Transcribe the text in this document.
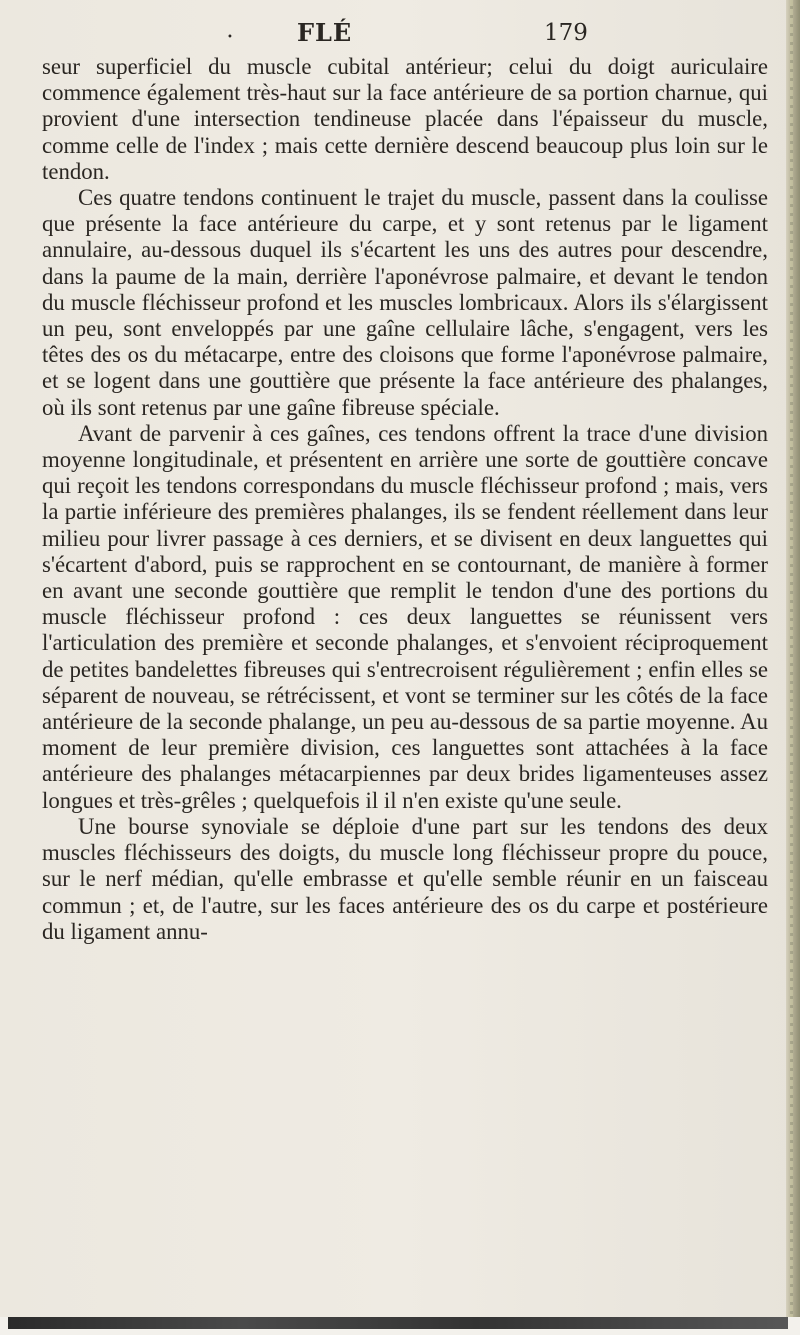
•	FLÉ	179

seur superficiel du muscle cubital antérieur; celui du doigt auriculaire commence également très-haut sur la face antérieure de sa portion charnue, qui provient d'une intersection tendineuse placée dans l'épaisseur du muscle, comme celle de l'index ; mais cette dernière descend beaucoup plus loin sur le tendon.

Ces quatre tendons continuent le trajet du muscle, passent dans la coulisse que présente la face antérieure du carpe, et y sont retenus par le ligament annulaire, au-dessous duquel ils s'écartent les uns des autres pour descendre, dans la paume de la main, derrière l'aponévrose palmaire, et devant le tendon du muscle fléchisseur profond et les muscles lombricaux. Alors ils s'élargissent un peu, sont enveloppés par une gaîne cellulaire lâche, s'engagent, vers les têtes des os du métacarpe, entre des cloisons que forme l'aponévrose palmaire, et se logent dans une gouttière que présente la face antérieure des phalanges, où ils sont retenus par une gaîne fibreuse spéciale.

Avant de parvenir à ces gaînes, ces tendons offrent la trace d'une division moyenne longitudinale, et présentent en arrière une sorte de gouttière concave qui reçoit les tendons correspondans du muscle fléchisseur profond ; mais, vers la partie inférieure des premières phalanges, ils se fendent réellement dans leur milieu pour livrer passage à ces derniers, et se divisent en deux languettes qui s'écartent d'abord, puis se rapprochent en se contournant, de manière à former en avant une seconde gouttière que remplit le tendon d'une des portions du muscle fléchisseur profond : ces deux languettes se réunissent vers l'articulation des première et seconde phalanges, et s'envoient réciproquement de petites bandelettes fibreuses qui s'entrecroisent régulièrement ; enfin elles se séparent de nouveau, se rétrécissent, et vont se terminer sur les côtés de la face antérieure de la seconde phalange, un peu au-dessous de sa partie moyenne. Au moment de leur première division, ces languettes sont attachées à la face antérieure des phalanges métacarpiennes par deux brides ligamenteuses assez longues et très-grêles ; quelquefois il il n'en existe qu'une seule.

Une bourse synoviale se déploie d'une part sur les tendons des deux muscles fléchisseurs des doigts, du muscle long fléchisseur propre du pouce, sur le nerf médian, qu'elle embrasse et qu'elle semble réunir en un faisceau commun ; et, de l'autre, sur les faces antérieure des os du carpe et postérieure du ligament annu-
